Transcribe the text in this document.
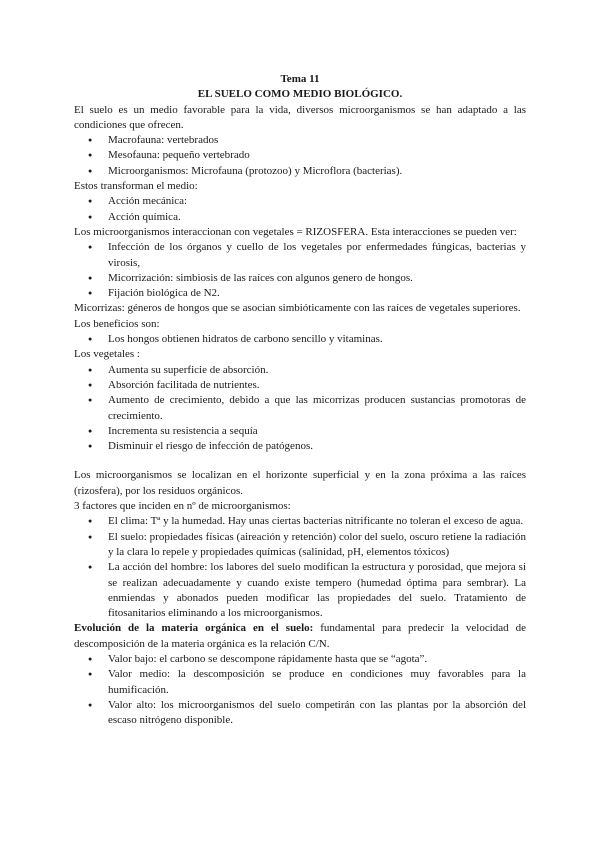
Tema 11

EL SUELO COMO MEDIO BIOLÓGICO.

El suelo es un medio favorable para la vida, diversos microorganismos se han adaptado a las

condiciones que ofrecen.

● Macrofauna: vertebrados
● Mesofauna: pequeño vertebrado
● Microorganismos: Microfauna (protozoo) y Microflora (bacterias).

Estos transforman el medio:

● Acción mecánica:
● Acción química.

Los microorganismos interaccionan con vegetales = RIZOSFERA. Esta interacciones se pueden ver:

● Infección de los órganos y cuello de los vegetales por enfermedades fúngicas, bacterias y virosis,
● Micorrización: simbiosis de las raíces con algunos genero de hongos.
● Fijación biológica de N2.

Micorrizas: géneros de hongos que se asocian simbióticamente con las raíces de vegetales superiores.

Los beneficios son:

● Los hongos obtienen hidratos de carbono sencillo y vitaminas.

Los vegetales :

● Aumenta su superficie de absorción.
● Absorción facilitada de nutrientes.
● Aumento de crecimiento, debido a que las micorrizas producen sustancias promotoras de crecimiento.
● Incrementa su resistencia a sequía
● Disminuir el riesgo de infección de patógenos.

Los microorganismos se localizan en el horizonte superficial y en la zona próxima a las raíces

(rizosfera), por los residuos orgánicos.

3 factores que inciden en nº de microorganismos:

● El clima: Tª y la humedad. Hay unas ciertas bacterias nitrificante no toleran el exceso de agua.
● El suelo: propiedades físicas (aireación y retención) color del suelo, oscuro retiene la radiación y la clara lo repele y propiedades químicas (salinidad, pH, elementos tóxicos)
● La acción del hombre: los labores del suelo modifican la estructura y porosidad, que mejora si se realizan adecuadamente y cuando existe tempero (humedad óptima para sembrar). La enmiendas y abonados pueden modificar las propiedades del suelo. Tratamiento de fitosanitarios eliminando a los microorganismos.

Evolución de la materia orgánica en el suelo: fundamental para predecir la velocidad de

descomposición de la materia orgánica es la relación C/N.

● Valor bajo: el carbono se descompone rápidamente hasta que se “agota”.
● Valor medio: la descomposición se produce en condiciones muy favorables para la humificación.
● Valor alto: los microorganismos del suelo competirán con las plantas por la absorción del escaso nitrógeno disponible.
